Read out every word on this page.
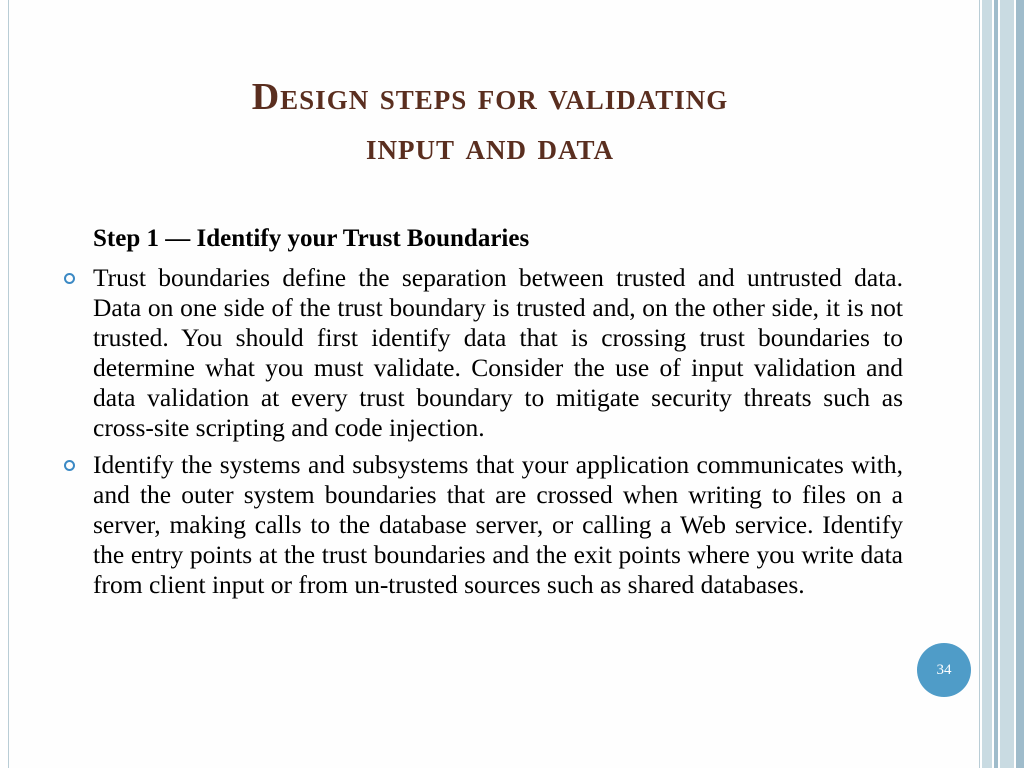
Design steps for validating
input and data
Step 1 — Identify your Trust Boundaries
Trust boundaries define the separation between trusted and untrusted data. Data on one side of the trust boundary is trusted and, on the other side, it is not trusted. You should first identify data that is crossing trust boundaries to determine what you must validate. Consider the use of input validation and data validation at every trust boundary to mitigate security threats such as cross-site scripting and code injection.
Identify the systems and subsystems that your application communicates with, and the outer system boundaries that are crossed when writing to files on a server, making calls to the database server, or calling a Web service. Identify the entry points at the trust boundaries and the exit points where you write data from client input or from un-trusted sources such as shared databases.
34
